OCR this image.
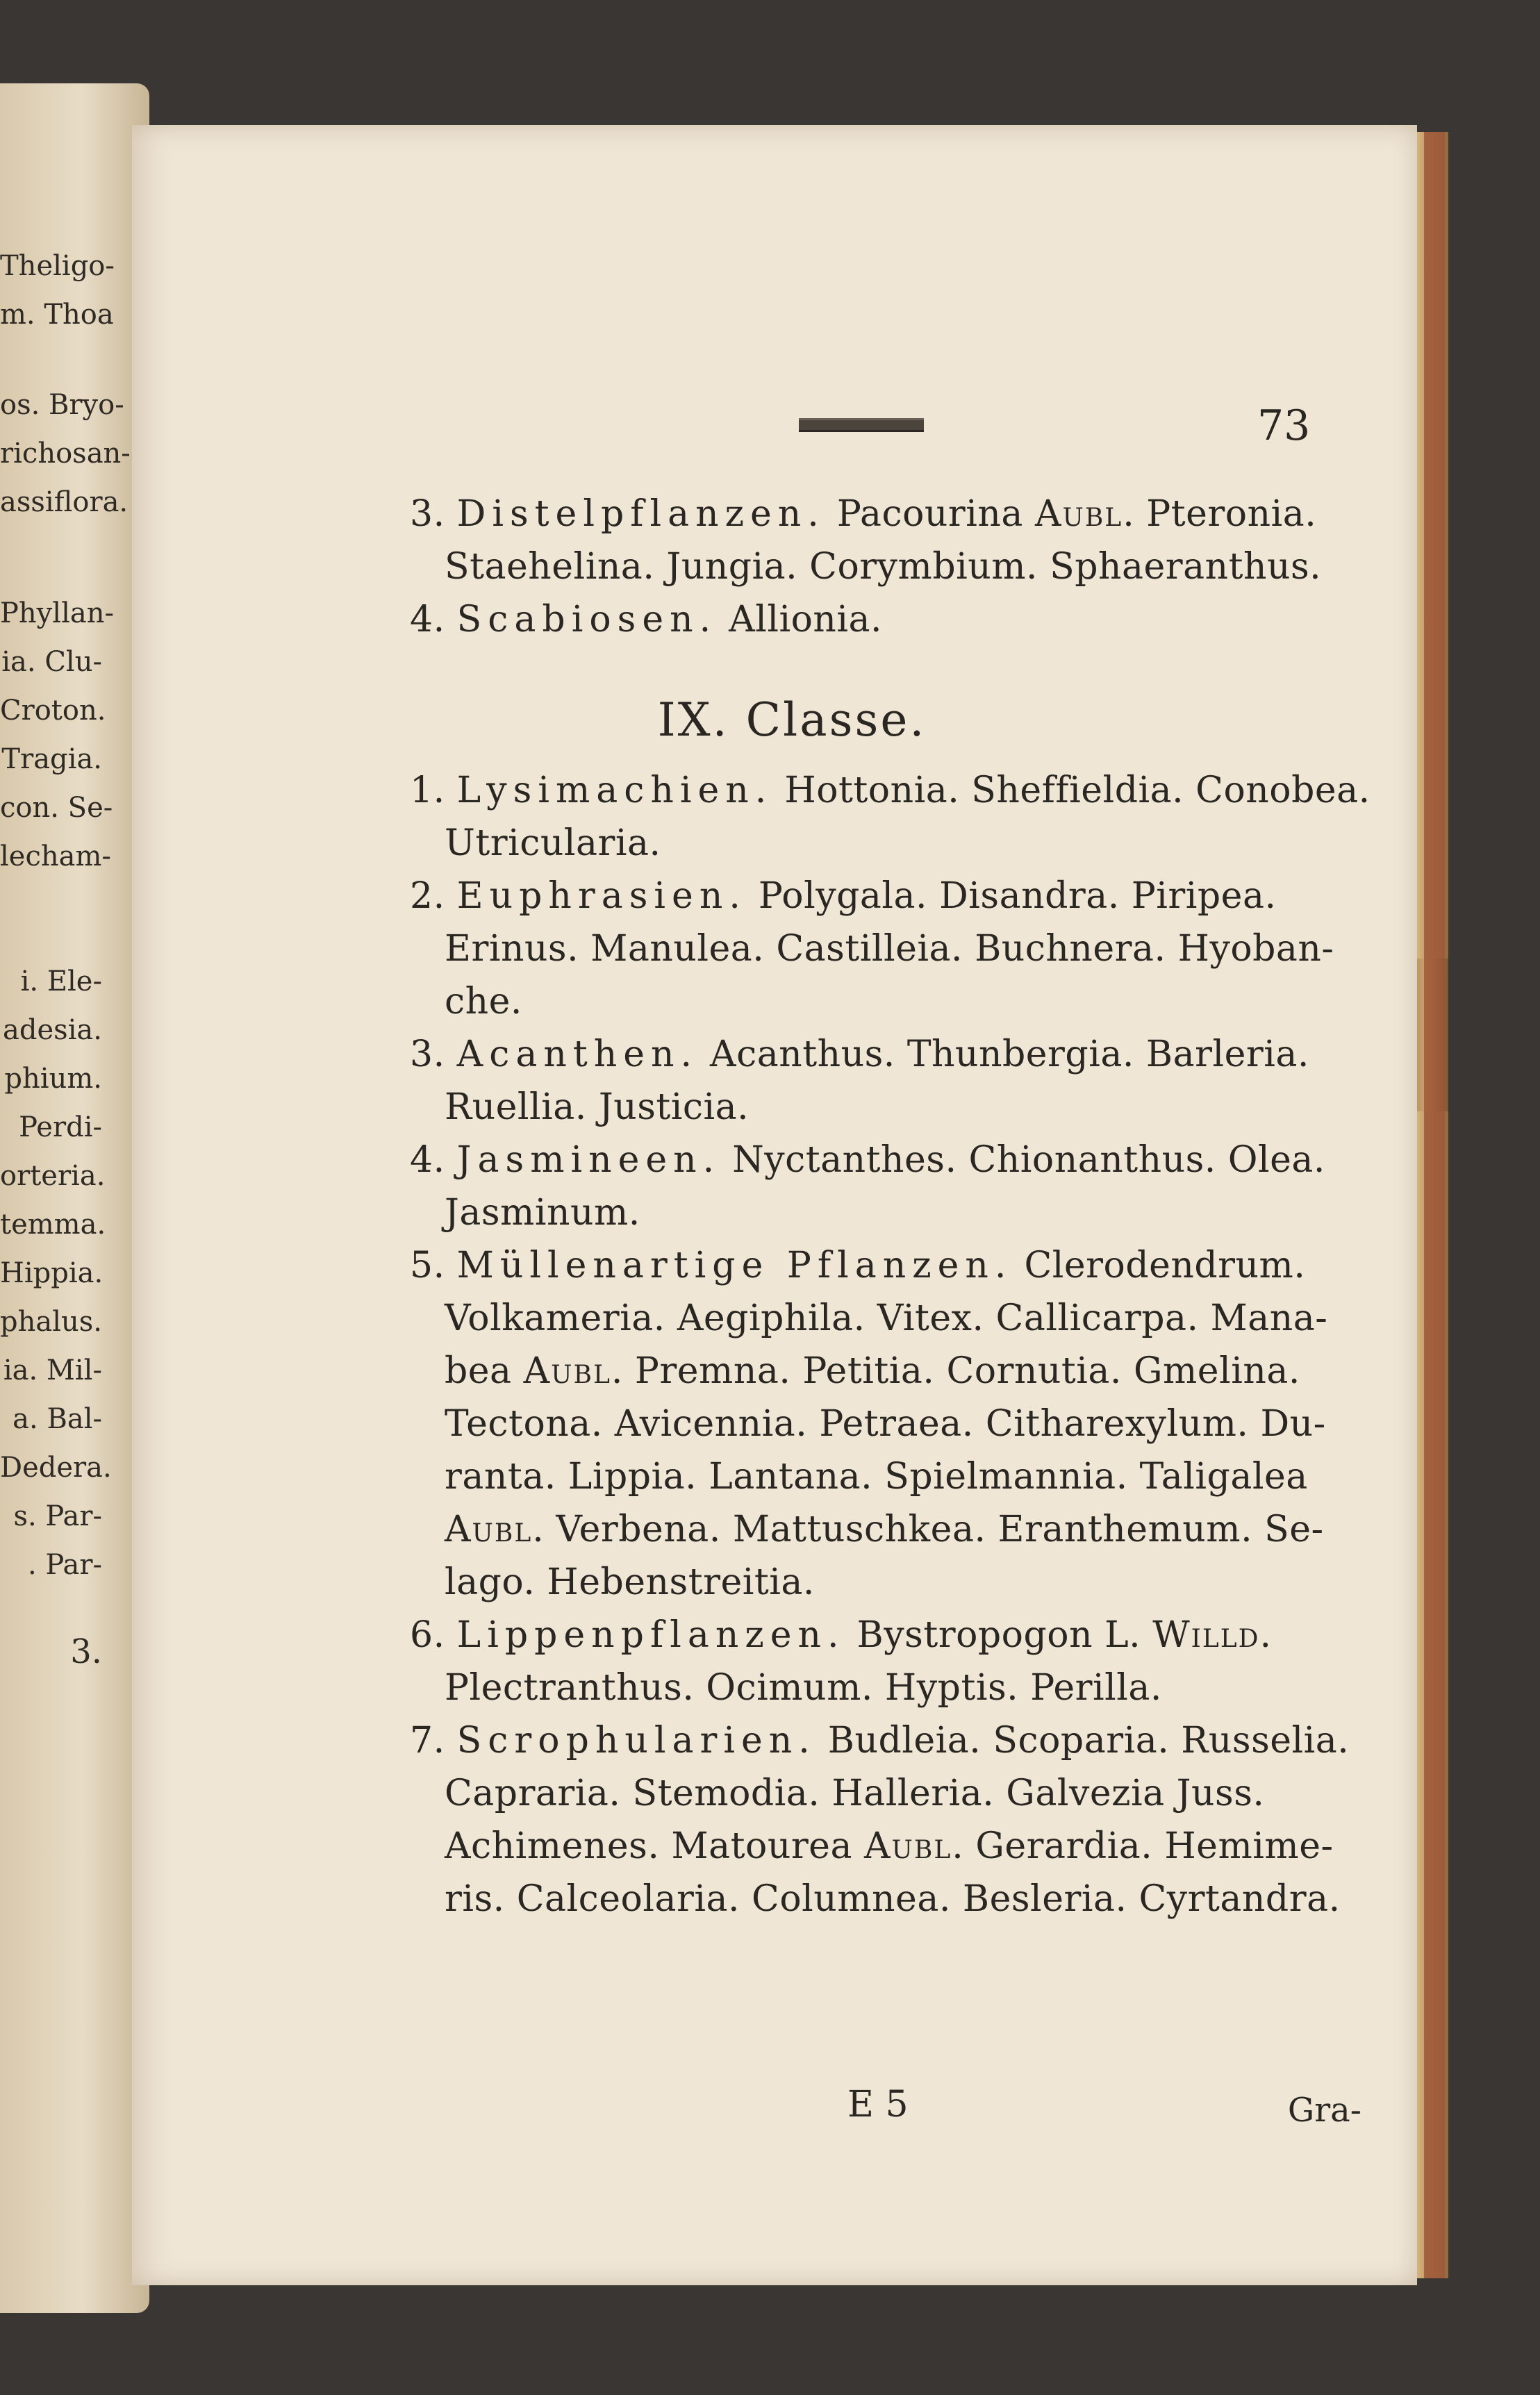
Theligo-
m. Thoa
os. Bryo-
richosan-
assiflora.
Phyllan-
ia. Clu-
Croton.
Tragia.
con. Se-
lecham-
i. Ele-
adesia.
phium.
Perdi-
orteria.
temma.
Hippia.
phalus.
ia. Mil-
a. Bal-
Dedera.
s. Par-
. Par-
3.
73
3. Distelpflanzen. Pacourina Aubl. Pteronia.
Staehelina. Jungia. Corymbium. Sphaeranthus.
4. Scabiosen. Allionia.
IX. Classe.
1. Lysimachien. Hottonia. Sheffieldia. Conobea.
Utricularia.
2. Euphrasien. Polygala. Disandra. Piripea.
Erinus. Manulea. Castilleia. Buchnera. Hyoban-
che.
3. Acanthen. Acanthus. Thunbergia. Barleria.
Ruellia. Justicia.
4. Jasmineen. Nyctanthes. Chionanthus. Olea.
Jasminum.
5. Müllenartige Pflanzen. Clerodendrum.
Volkameria. Aegiphila. Vitex. Callicarpa. Mana-
bea Aubl. Premna. Petitia. Cornutia. Gmelina.
Tectona. Avicennia. Petraea. Citharexylum. Du-
ranta. Lippia. Lantana. Spielmannia. Taligalea
Aubl. Verbena. Mattuschkea. Eranthemum. Se-
lago. Hebenstreitia.
6. Lippenpflanzen. Bystropogon L. Willd.
Plectranthus. Ocimum. Hyptis. Perilla.
7. Scrophularien. Budleia. Scoparia. Russelia.
Capraria. Stemodia. Halleria. Galvezia Juss.
Achimenes. Matourea Aubl. Gerardia. Hemime-
ris. Calceolaria. Columnea. Besleria. Cyrtandra.
E 5	Gra-
